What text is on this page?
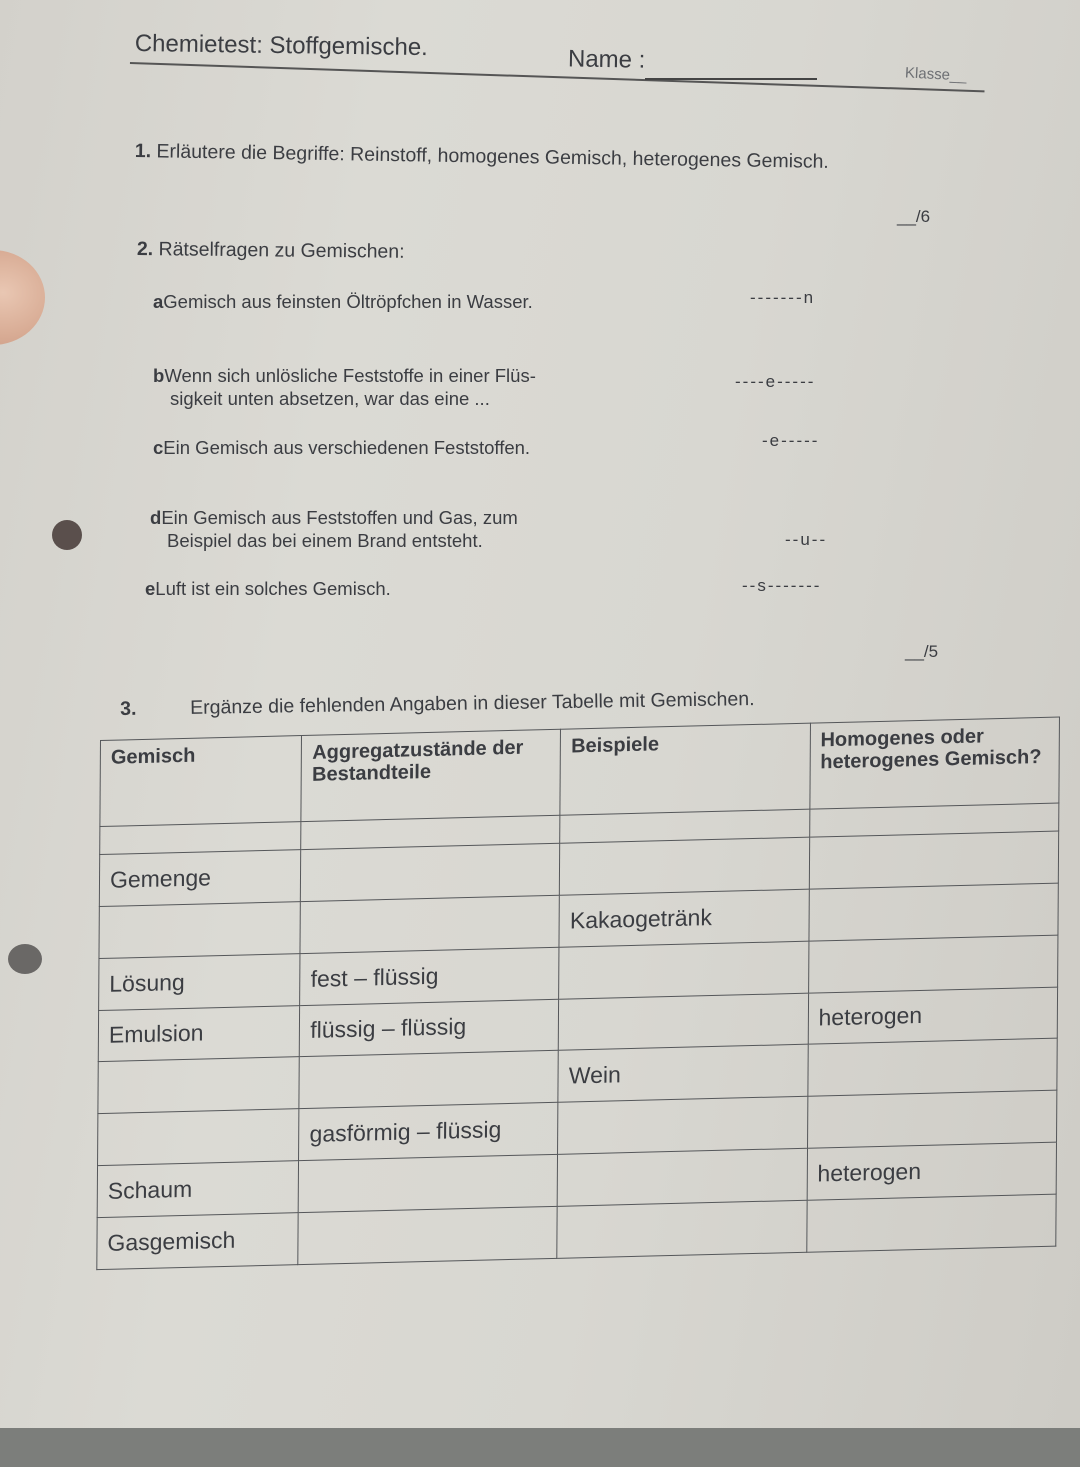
Chemietest: Stoffgemische.	Name :
Klasse__
1. Erläutere die Begriffe: Reinstoff, homogenes Gemisch, heterogenes Gemisch.
__/6
2. Rätselfragen zu Gemischen:
aGemisch aus feinsten Öltröpfchen in Wasser.	-------n
bWenn sich unlösliche Feststoffe in einer Flüs-
sigkeit unten absetzen, war das eine ...
----e-----
cEin Gemisch aus verschiedenen Feststoffen.	-e-----
dEin Gemisch aus Feststoffen und Gas, zum
Beispiel das bei einem Brand entsteht.	--u--
eLuft ist ein solches Gemisch.	--s-------
__/5
3.	Ergänze die fehlenden Angaben in dieser Tabelle mit Gemischen.
Gemisch	Aggregatzustände der Bestandteile	Beispiele	Homogenes oder heterogenes Gemisch?

Gemenge			
		Kakaogetränk	
Lösung	fest – flüssig		
Emulsion	flüssig – flüssig		heterogen
		Wein	
	gasförmig – flüssig		
Schaum			heterogen
Gasgemisch			
